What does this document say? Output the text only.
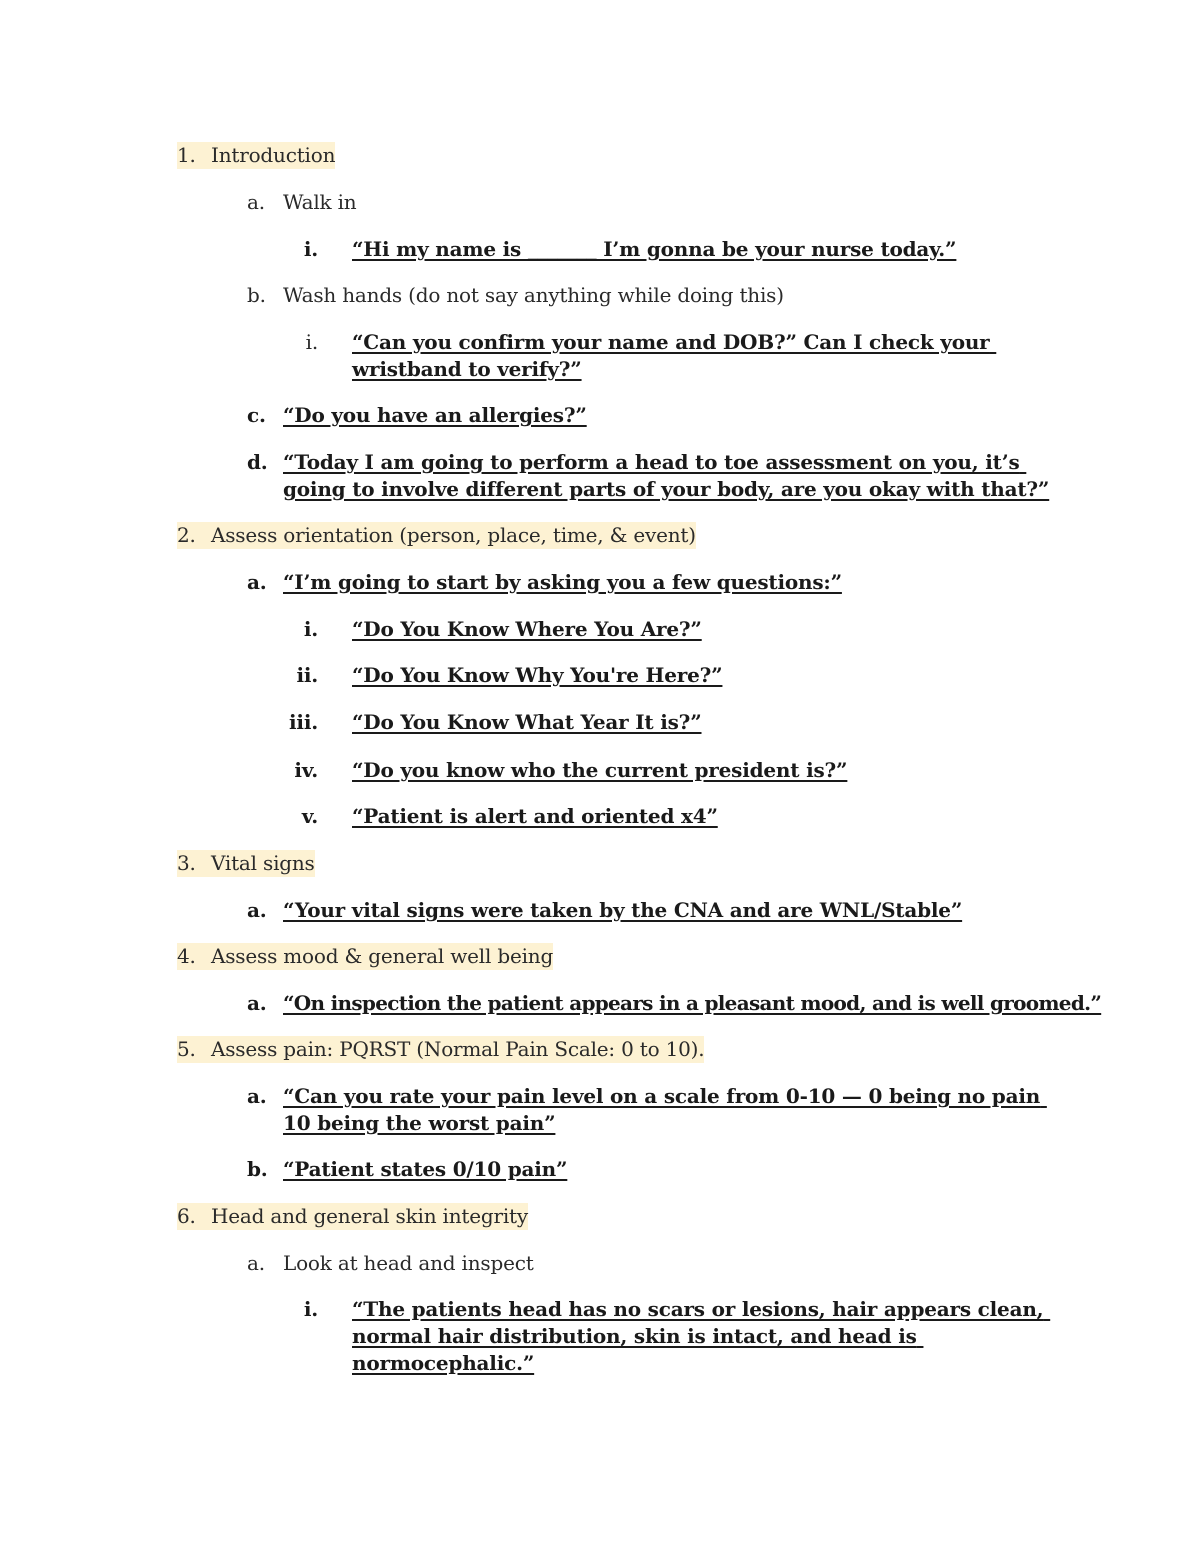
1. Introduction
a. Walk in
i.	“Hi my name is _______ I’m gonna be your nurse today.”
b. Wash hands (do not say anything while doing this)
i.	“Can you confirm your name and DOB?” Can I check your wristband to verify?”
c. “Do you have an allergies?”
d. “Today I am going to perform a head to toe assessment on you, it’s going to involve different parts of your body, are you okay with that?”
2. Assess orientation (person, place, time, & event)
a. “I’m going to start by asking you a few questions:”
i.	“Do You Know Where You Are?”
ii.	“Do You Know Why You're Here?”
iii.	“Do You Know What Year It is?”
iv.	“Do you know who the current president is?”
v.	“Patient is alert and oriented x4”
3. Vital signs
a. “Your vital signs were taken by the CNA and are WNL/Stable”
4. Assess mood & general well being
a. “On inspection the patient appears in a pleasant mood, and is well groomed.”
5. Assess pain: PQRST (Normal Pain Scale: 0 to 10).
a. “Can you rate your pain level on a scale from 0-10 — 0 being no pain 10 being the worst pain”
b. “Patient states 0/10 pain”
6. Head and general skin integrity
a. Look at head and inspect
i.	“The patients head has no scars or lesions, hair appears clean, normal hair distribution, skin is intact, and head is normocephalic.”
